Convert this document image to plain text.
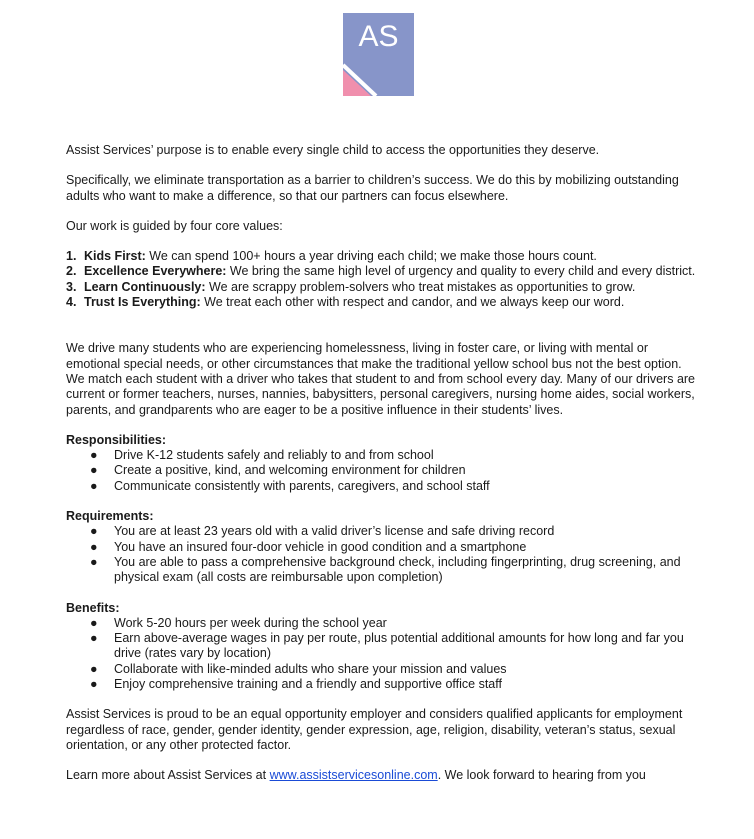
AS

Assist Services’ purpose is to enable every single child to access the opportunities they deserve.

Specifically, we eliminate transportation as a barrier to children’s success. We do this by mobilizing outstanding adults who want to make a difference, so that our partners can focus elsewhere.

Our work is guided by four core values:

1. Kids First: We can spend 100+ hours a year driving each child; we make those hours count.
2. Excellence Everywhere: We bring the same high level of urgency and quality to every child and every district.
3. Learn Continuously: We are scrappy problem-solvers who treat mistakes as opportunities to grow.
4. Trust Is Everything: We treat each other with respect and candor, and we always keep our word.

We drive many students who are experiencing homelessness, living in foster care, or living with mental or emotional special needs, or other circumstances that make the traditional yellow school bus not the best option. We match each student with a driver who takes that student to and from school every day. Many of our drivers are current or former teachers, nurses, nannies, babysitters, personal caregivers, nursing home aides, social workers, parents, and grandparents who are eager to be a positive influence in their students’ lives.

Responsibilities:

● Drive K-12 students safely and reliably to and from school
● Create a positive, kind, and welcoming environment for children
● Communicate consistently with parents, caregivers, and school staff

Requirements:

● You are at least 23 years old with a valid driver’s license and safe driving record
● You have an insured four-door vehicle in good condition and a smartphone
● You are able to pass a comprehensive background check, including fingerprinting, drug screening, and physical exam (all costs are reimbursable upon completion)

Benefits:

● Work 5-20 hours per week during the school year
● Earn above-average wages in pay per route, plus potential additional amounts for how long and far you drive (rates vary by location)
● Collaborate with like-minded adults who share your mission and values
● Enjoy comprehensive training and a friendly and supportive office staff

Assist Services is proud to be an equal opportunity employer and considers qualified applicants for employment regardless of race, gender, gender identity, gender expression, age, religion, disability, veteran’s status, sexual orientation, or any other protected factor.

Learn more about Assist Services at www.assistservicesonline.com. We look forward to hearing from you
